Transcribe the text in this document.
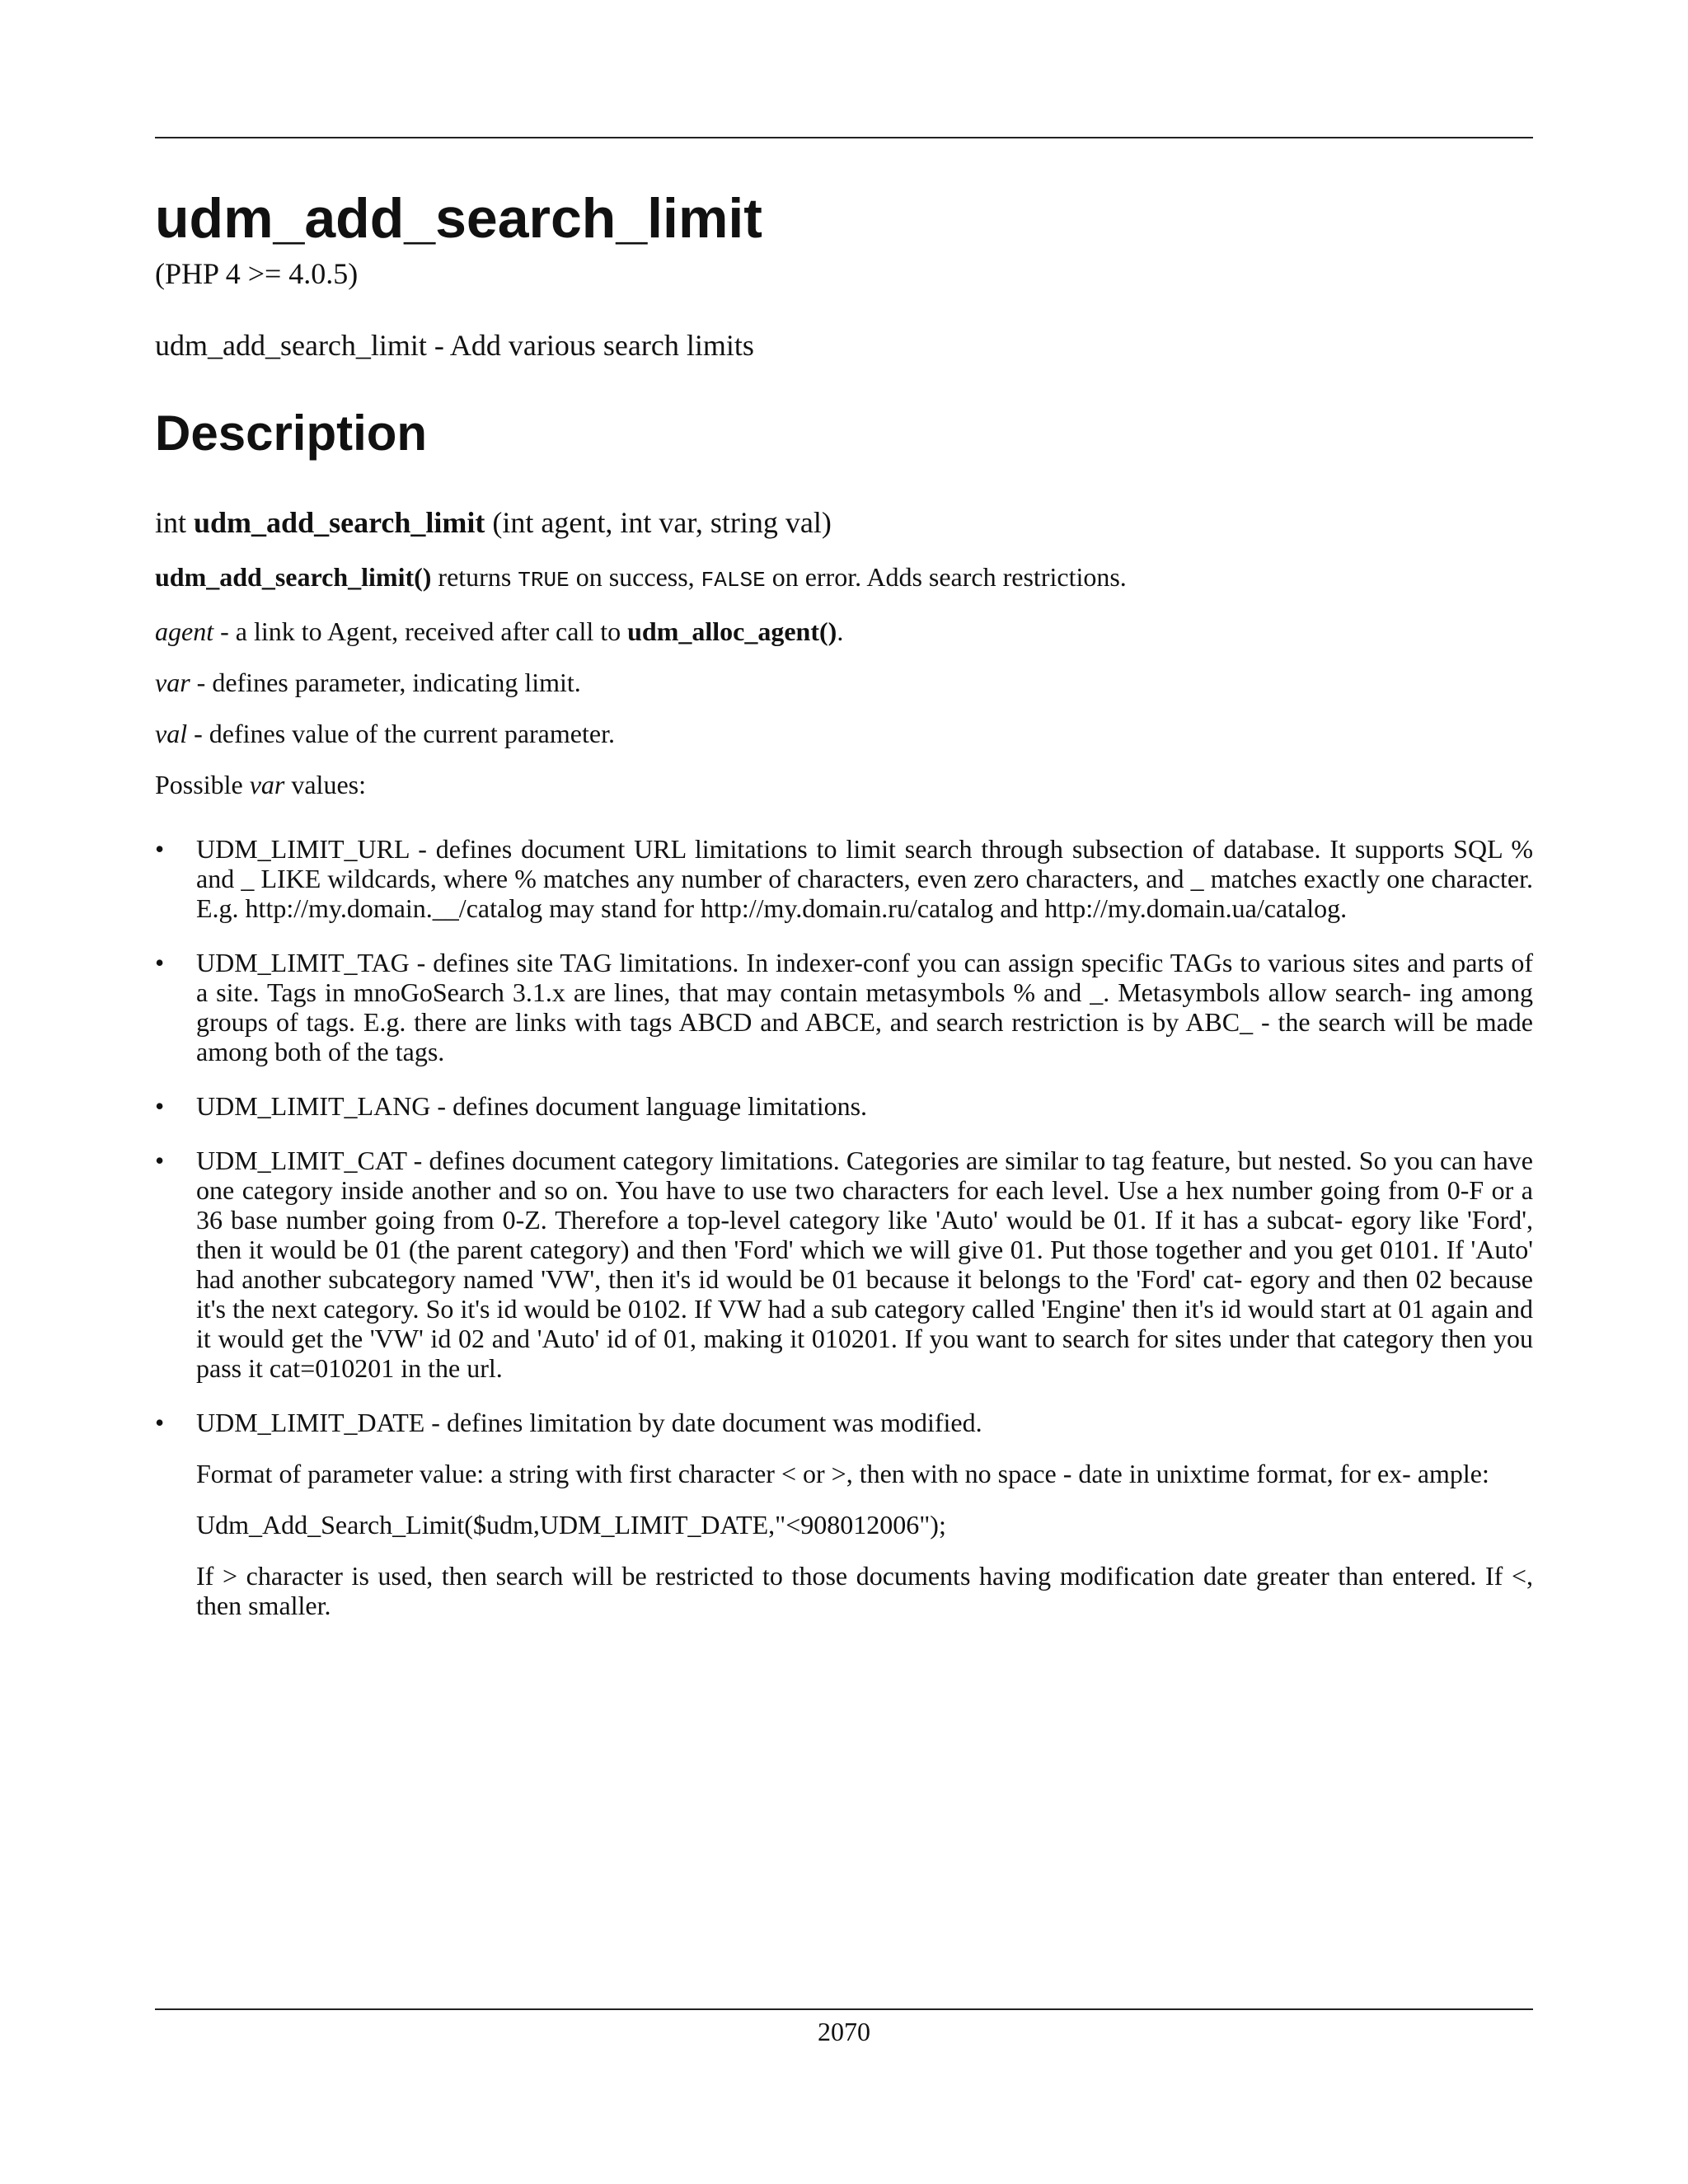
udm_add_search_limit
(PHP 4 >= 4.0.5)
udm_add_search_limit - Add various search limits
Description
int udm_add_search_limit (int agent, int var, string val)

udm_add_search_limit() returns TRUE on success, FALSE on error. Adds search restrictions.

agent - a link to Agent, received after call to udm_alloc_agent().

var - defines parameter, indicating limit.

val - defines value of the current parameter.

Possible var values:

• UDM_LIMIT_URL - defines document URL limitations to limit search through subsection of database. It supports SQL % and _ LIKE wildcards, where % matches any number of characters, even zero characters, and _ matches exactly one character. E.g. http://my.domain.__/catalog may stand for http://my.domain.ru/catalog and http://my.domain.ua/catalog.

• UDM_LIMIT_TAG - defines site TAG limitations. In indexer-conf you can assign specific TAGs to various sites and parts of a site. Tags in mnoGoSearch 3.1.x are lines, that may contain metasymbols % and _. Metasymbols allow search- ing among groups of tags. E.g. there are links with tags ABCD and ABCE, and search restriction is by ABC_ - the search will be made among both of the tags.

• UDM_LIMIT_LANG - defines document language limitations.

• UDM_LIMIT_CAT - defines document category limitations. Categories are similar to tag feature, but nested. So you can have one category inside another and so on. You have to use two characters for each level. Use a hex number going from 0-F or a 36 base number going from 0-Z. Therefore a top-level category like 'Auto' would be 01. If it has a subcat- egory like 'Ford', then it would be 01 (the parent category) and then 'Ford' which we will give 01. Put those together and you get 0101. If 'Auto' had another subcategory named 'VW', then it's id would be 01 because it belongs to the 'Ford' cat- egory and then 02 because it's the next category. So it's id would be 0102. If VW had a sub category called 'Engine' then it's id would start at 01 again and it would get the 'VW' id 02 and 'Auto' id of 01, making it 010201. If you want to search for sites under that category then you pass it cat=010201 in the url.

• UDM_LIMIT_DATE - defines limitation by date document was modified.

Format of parameter value: a string with first character < or >, then with no space - date in unixtime format, for ex- ample:

Udm_Add_Search_Limit($udm,UDM_LIMIT_DATE,"<908012006");

If > character is used, then search will be restricted to those documents having modification date greater than entered. If <, then smaller.

2070
